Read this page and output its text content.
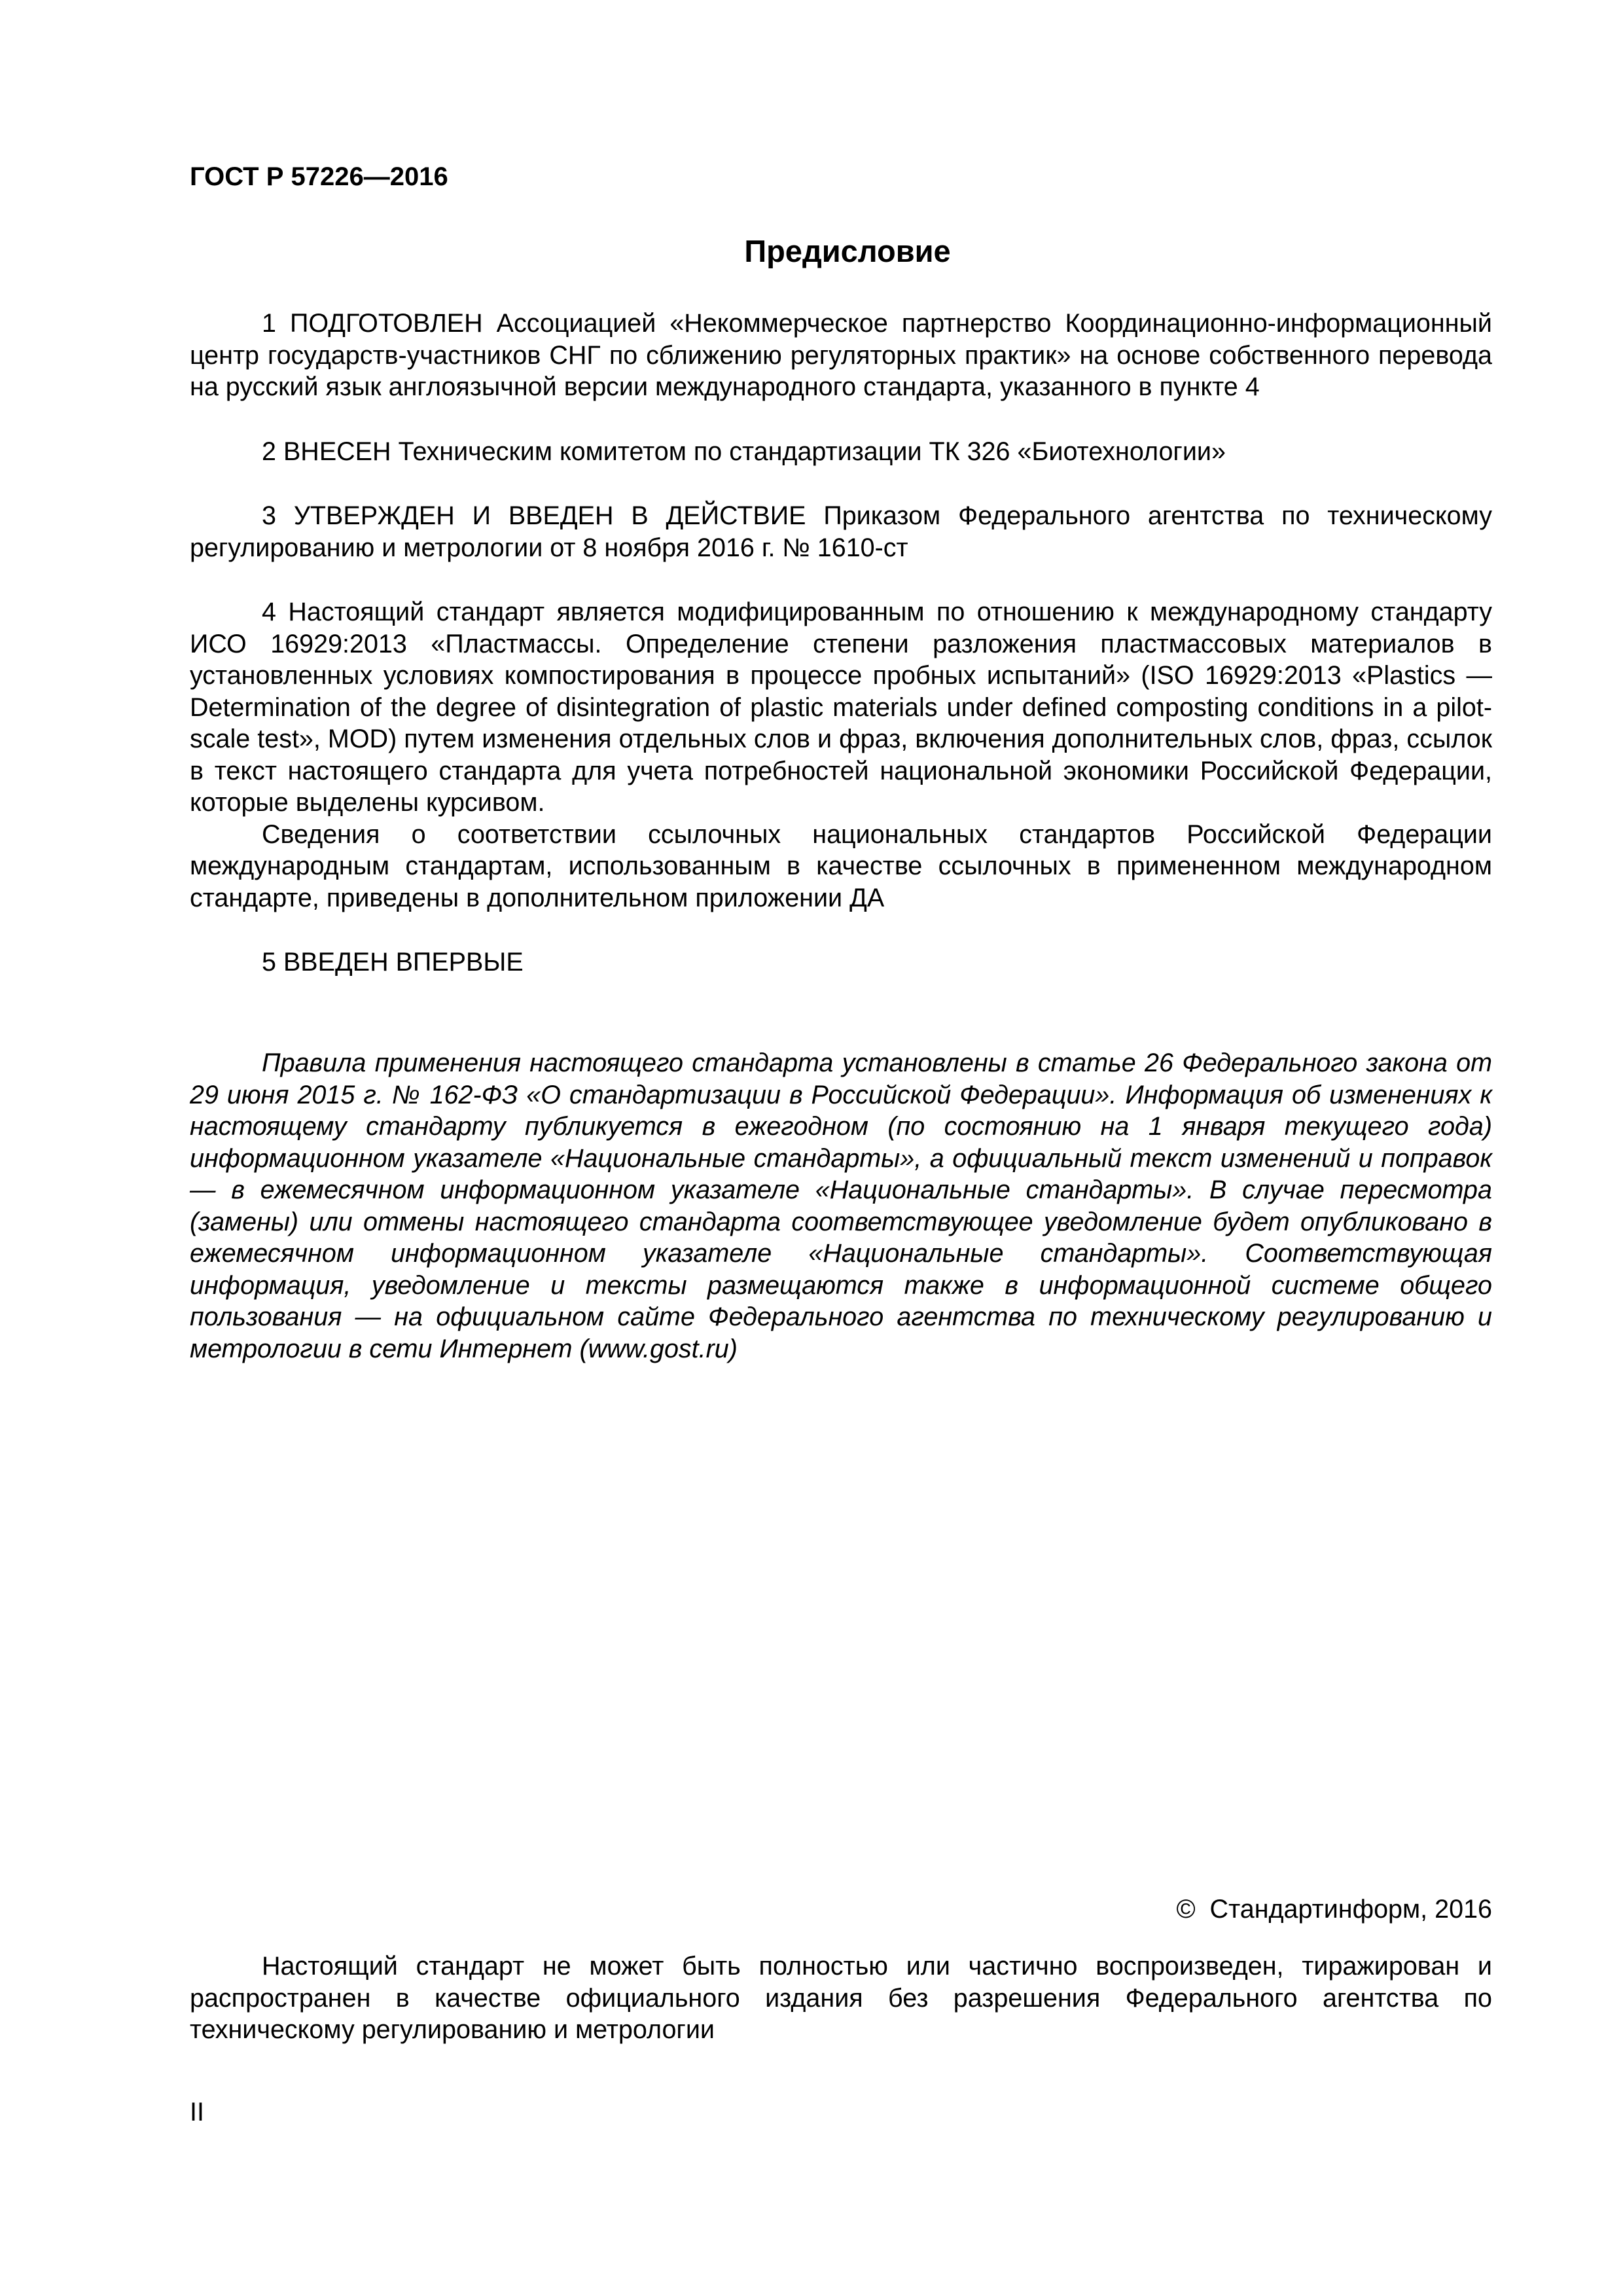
ГОСТ Р 57226—2016
Предисловие

1 ПОДГОТОВЛЕН Ассоциацией «Некоммерческое партнерство Координационно-информационный центр государств-участников СНГ по сближению регуляторных практик» на основе собственного перевода на русский язык англоязычной версии международного стандарта, указанного в пункте 4

2 ВНЕСЕН Техническим комитетом по стандартизации ТК 326 «Биотехнологии»

3 УТВЕРЖДЕН И ВВЕДЕН В ДЕЙСТВИЕ Приказом Федерального агентства по техническому регулированию и метрологии от 8 ноября 2016 г. № 1610-ст

4 Настоящий стандарт является модифицированным по отношению к международному стандарту ИСО 16929:2013 «Пластмассы. Определение степени разложения пластмассовых материалов в установленных условиях компостирования в процессе пробных испытаний» (ISO 16929:2013 «Plastics — Determination of the degree of disintegration of plastic materials under defined composting conditions in a pilot-scale test», MOD) путем изменения отдельных слов и фраз, включения дополнительных слов, фраз, ссылок в текст настоящего стандарта для учета потребностей национальной экономики Российской Федерации, которые выделены курсивом.

Сведения о соответствии ссылочных национальных стандартов Российской Федерации международным стандартам, использованным в качестве ссылочных в примененном международном стандарте, приведены в дополнительном приложении ДА

5 ВВЕДЕН ВПЕРВЫЕ

Правила применения настоящего стандарта установлены в статье 26 Федерального закона от 29 июня 2015 г. № 162-ФЗ «О стандартизации в Российской Федерации». Информация об изменениях к настоящему стандарту публикуется в ежегодном (по состоянию на 1 января текущего года) информационном указателе «Национальные стандарты», а официальный текст изменений и поправок — в ежемесячном информационном указателе «Национальные стандарты». В случае пересмотра (замены) или отмены настоящего стандарта соответствующее уведомление будет опубликовано в ежемесячном информационном указателе «Национальные стандарты». Соответствующая информация, уведомление и тексты размещаются также в информационной системе общего пользования — на официальном сайте Федерального агентства по техническому регулированию и метрологии в сети Интернет (www.gost.ru)

© Стандартинформ, 2016

Настоящий стандарт не может быть полностью или частично воспроизведен, тиражирован и распространен в качестве официального издания без разрешения Федерального агентства по техническому регулированию и метрологии

II
